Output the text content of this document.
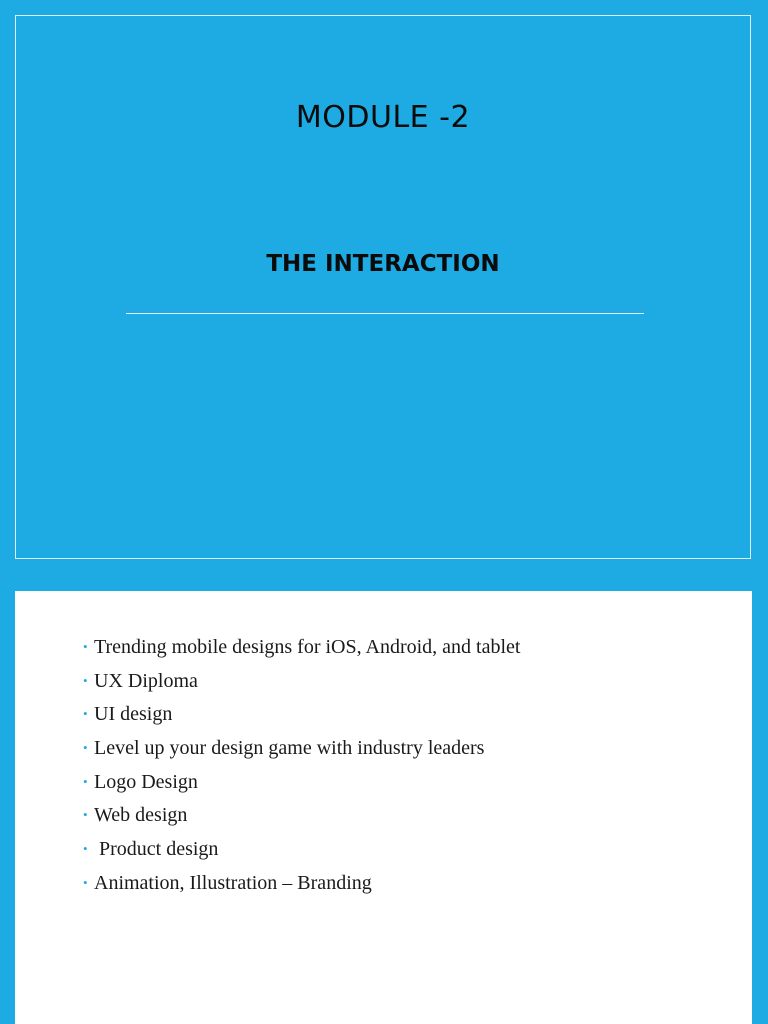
MODULE -2
THE INTERACTION
• Trending mobile designs for iOS, Android, and tablet
• UX Diploma
• UI design
• Level up your design game with industry leaders
• Logo Design
• Web design
• Product design
• Animation, Illustration – Branding
